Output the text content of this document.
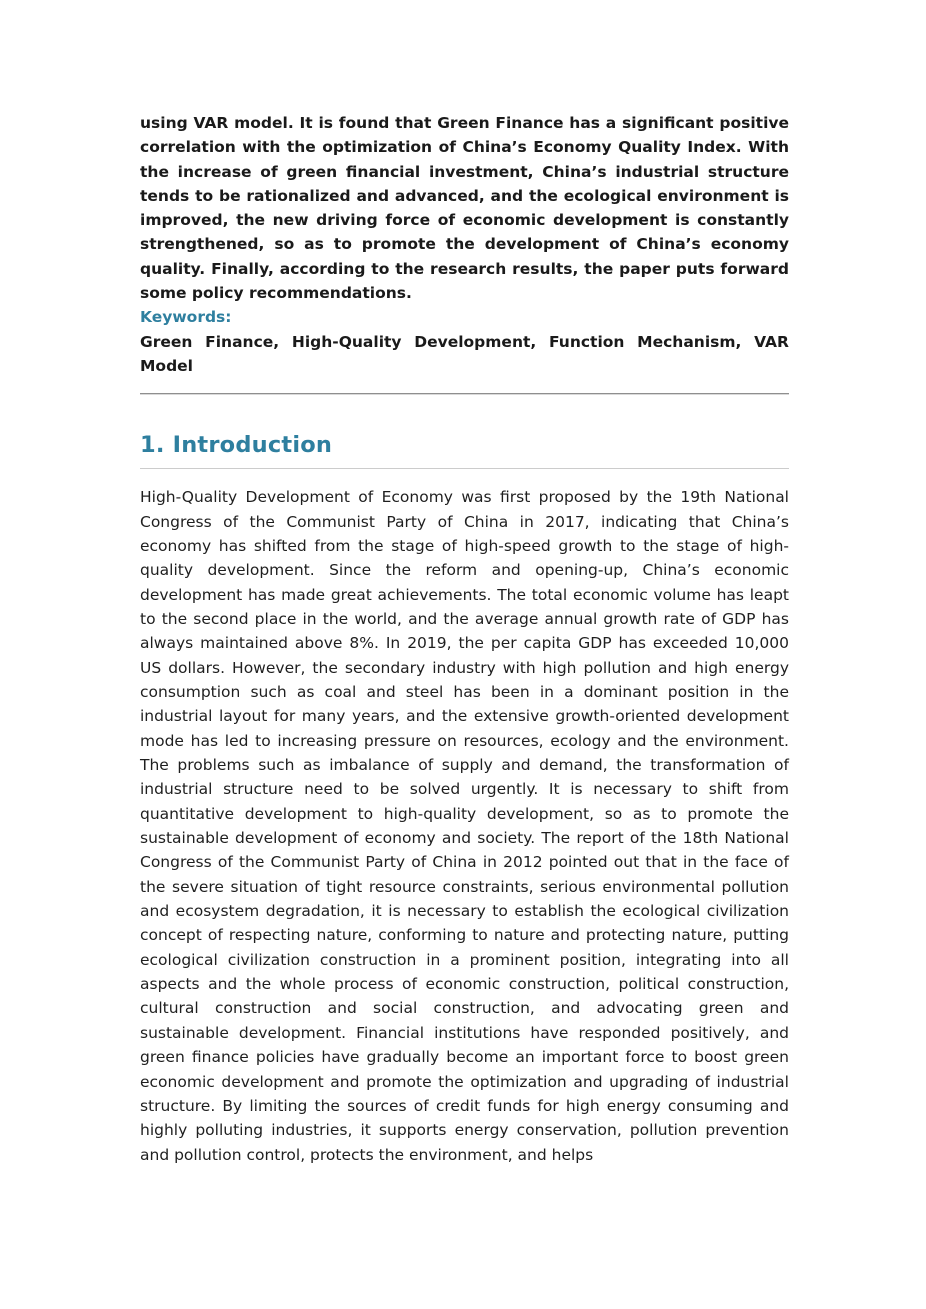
using VAR model. It is found that Green Finance has a significant positive correlation with the optimization of China’s Economy Quality Index. With the increase of green financial investment, China’s industrial structure tends to be rationalized and advanced, and the ecological environment is improved, the new driving force of economic development is constantly strengthened, so as to promote the development of China’s economy quality. Finally, according to the research results, the paper puts forward some policy recommendations.

Keywords:

Green Finance, High-Quality Development, Function Mechanism, VAR Model

1. Introduction

High-Quality Development of Economy was first proposed by the 19th National Congress of the Communist Party of China in 2017, indicating that China’s economy has shifted from the stage of high-speed growth to the stage of high-quality development. Since the reform and opening-up, China’s economic development has made great achievements. The total economic volume has leapt to the second place in the world, and the average annual growth rate of GDP has always maintained above 8%. In 2019, the per capita GDP has exceeded 10,000 US dollars. However, the secondary industry with high pollution and high energy consumption such as coal and steel has been in a dominant position in the industrial layout for many years, and the extensive growth-oriented development mode has led to increasing pressure on resources, ecology and the environment. The problems such as imbalance of supply and demand, the transformation of industrial structure need to be solved urgently. It is necessary to shift from quantitative development to high-quality development, so as to promote the sustainable development of economy and society. The report of the 18th National Congress of the Communist Party of China in 2012 pointed out that in the face of the severe situation of tight resource constraints, serious environmental pollution and ecosystem degradation, it is necessary to establish the ecological civilization concept of respecting nature, conforming to nature and protecting nature, putting ecological civilization construction in a prominent position, integrating into all aspects and the whole process of economic construction, political construction, cultural construction and social construction, and advocating green and sustainable development. Financial institutions have responded positively, and green finance policies have gradually become an important force to boost green economic development and promote the optimization and upgrading of industrial structure. By limiting the sources of credit funds for high energy consuming and highly polluting industries, it supports energy conservation, pollution prevention and pollution control, protects the environment, and helps
